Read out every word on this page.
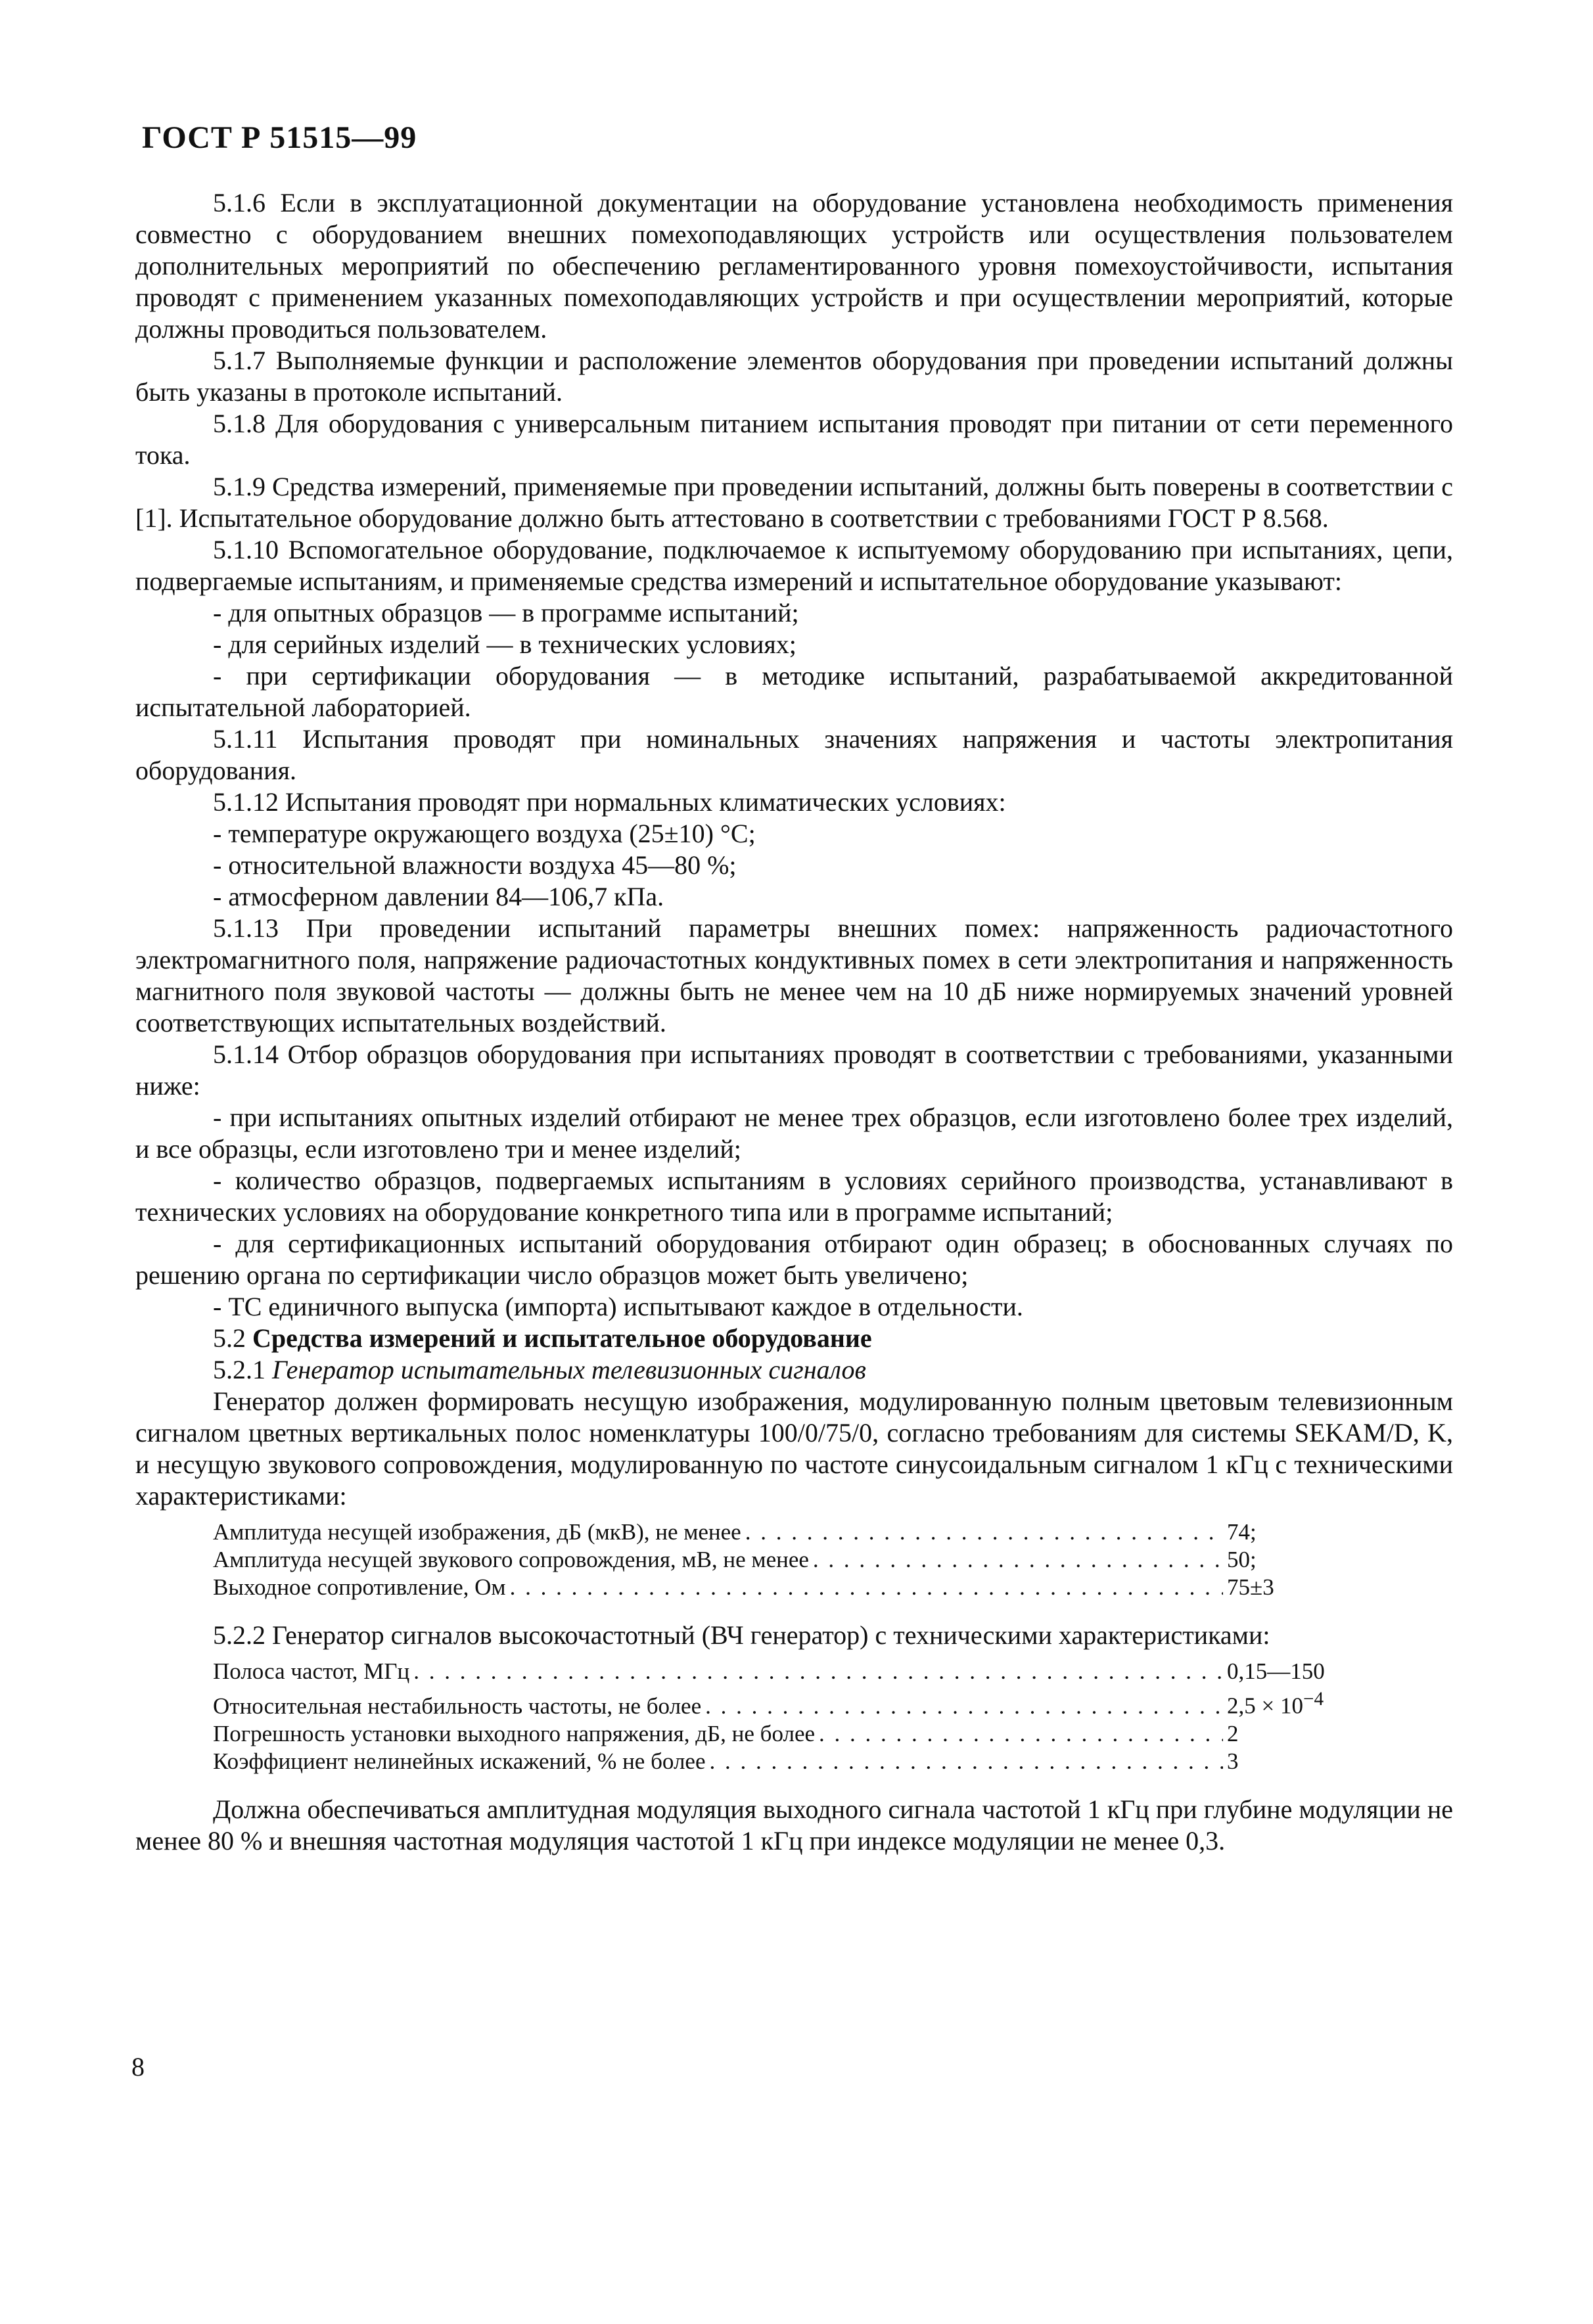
ГОСТ Р 51515—99

5.1.6 Если в эксплуатационной документации на оборудование установлена необходимость применения совместно с оборудованием внешних помехоподавляющих устройств или осуществления пользователем дополнительных мероприятий по обеспечению регламентированного уровня помехоустойчивости, испытания проводят с применением указанных помехоподавляющих устройств и при осуществлении мероприятий, которые должны проводиться пользователем.

5.1.7 Выполняемые функции и расположение элементов оборудования при проведении испытаний должны быть указаны в протоколе испытаний.

5.1.8 Для оборудования с универсальным питанием испытания проводят при питании от сети переменного тока.

5.1.9 Средства измерений, применяемые при проведении испытаний, должны быть поверены в соответствии с [1]. Испытательное оборудование должно быть аттестовано в соответствии с требованиями ГОСТ Р 8.568.

5.1.10 Вспомогательное оборудование, подключаемое к испытуемому оборудованию при испытаниях, цепи, подвергаемые испытаниям, и применяемые средства измерений и испытательное оборудование указывают:

- для опытных образцов — в программе испытаний;

- для серийных изделий — в технических условиях;

- при сертификации оборудования — в методике испытаний, разрабатываемой аккредитованной испытательной лабораторией.

5.1.11 Испытания проводят при номинальных значениях напряжения и частоты электропитания оборудования.

5.1.12 Испытания проводят при нормальных климатических условиях:

- температуре окружающего воздуха (25±10) °С;

- относительной влажности воздуха 45—80 %;

- атмосферном давлении 84—106,7 кПа.

5.1.13 При проведении испытаний параметры внешних помех: напряженность радиочастотного электромагнитного поля, напряжение радиочастотных кондуктивных помех в сети электропитания и напряженность магнитного поля звуковой частоты — должны быть не менее чем на 10 дБ ниже нормируемых значений уровней соответствующих испытательных воздействий.

5.1.14 Отбор образцов оборудования при испытаниях проводят в соответствии с требованиями, указанными ниже:

- при испытаниях опытных изделий отбирают не менее трех образцов, если изготовлено более трех изделий, и все образцы, если изготовлено три и менее изделий;

- количество образцов, подвергаемых испытаниям в условиях серийного производства, устанавливают в технических условиях на оборудование конкретного типа или в программе испытаний;

- для сертификационных испытаний оборудования отбирают один образец; в обоснованных случаях по решению органа по сертификации число образцов может быть увеличено;

- ТС единичного выпуска (импорта) испытывают каждое в отдельности.

5.2 Средства измерений и испытательное оборудование

5.2.1 Генератор испытательных телевизионных сигналов

Генератор должен формировать несущую изображения, модулированную полным цветовым телевизионным сигналом цветных вертикальных полос номенклатуры 100/0/75/0, согласно требованиям для системы SEKAM/D, K, и несущую звукового сопровождения, модулированную по частоте синусоидальным сигналом 1 кГц с техническими характеристиками:

Амплитуда несущей изображения, дБ (мкВ), не менее . . .	74;
Амплитуда несущей звукового сопровождения, мВ, не менее . . .	50;
Выходное сопротивление, Ом . . .	75±3

5.2.2 Генератор сигналов высокочастотный (ВЧ генератор) с техническими характеристиками:

Полоса частот, МГц . . .	0,15—150
Относительная нестабильность частоты, не более . . .	$2,5 \times 10^{-4}$
Погрешность установки выходного напряжения, дБ, не более . . .	2
Коэффициент нелинейных искажений, % не более . . .	3

Должна обеспечиваться амплитудная модуляция выходного сигнала частотой 1 кГц при глубине модуляции не менее 80 % и внешняя частотная модуляция частотой 1 кГц при индексе модуляции не менее 0,3.

8
